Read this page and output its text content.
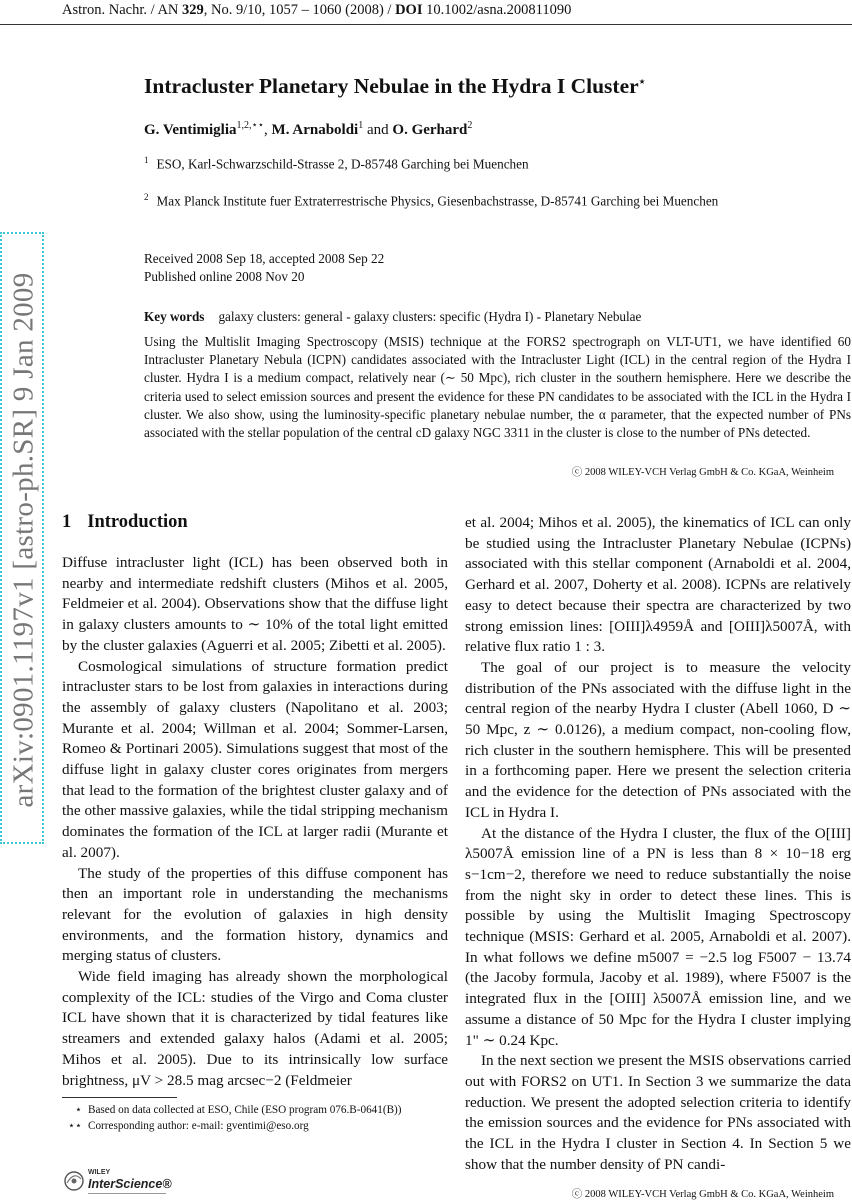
Astron. Nachr. / AN 329, No. 9/10, 1057 – 1060 (2008) / DOI 10.1002/asna.200811090
arXiv:0901.1197v1 [astro-ph.SR] 9 Jan 2009
Intracluster Planetary Nebulae in the Hydra I Cluster⋆
G. Ventimiglia$^{1,2,⋆⋆}$, M. Arnaboldi$^1$ and O. Gerhard$^2$
$^1$ ESO, Karl-Schwarzschild-Strasse 2, D-85748 Garching bei Muenchen
$^2$ Max Planck Institute fuer Extraterrestrische Physics, Giesenbachstrasse, D-85741 Garching bei Muenchen
Received 2008 Sep 18, accepted 2008 Sep 22
Published online 2008 Nov 20
Key words galaxy clusters: general - galaxy clusters: specific (Hydra I) - Planetary Nebulae
Using the Multislit Imaging Spectroscopy (MSIS) technique at the FORS2 spectrograph on VLT-UT1, we have identified 60 Intracluster Planetary Nebula (ICPN) candidates associated with the Intracluster Light (ICL) in the central region of the Hydra I cluster. Hydra I is a medium compact, relatively near (∼ 50 Mpc), rich cluster in the southern hemisphere. Here we describe the criteria used to select emission sources and present the evidence for these PN candidates to be associated with the ICL in the Hydra I cluster. We also show, using the luminosity-specific planetary nebulae number, the α parameter, that the expected number of PNs associated with the stellar population of the central cD galaxy NGC 3311 in the cluster is close to the number of PNs detected.
ⓒ 2008 WILEY-VCH Verlag GmbH & Co. KGaA, Weinheim
1 Introduction

Diffuse intracluster light (ICL) has been observed both in nearby and intermediate redshift clusters (Mihos et al. 2005, Feldmeier et al. 2004). Observations show that the diffuse light in galaxy clusters amounts to ∼ 10% of the total light emitted by the cluster galaxies (Aguerri et al. 2005; Zibetti et al. 2005).

Cosmological simulations of structure formation predict intracluster stars to be lost from galaxies in interactions during the assembly of galaxy clusters (Napolitano et al. 2003; Murante et al. 2004; Willman et al. 2004; Sommer-Larsen, Romeo & Portinari 2005). Simulations suggest that most of the diffuse light in galaxy cluster cores originates from mergers that lead to the formation of the brightest cluster galaxy and of the other massive galaxies, while the tidal stripping mechanism dominates the formation of the ICL at larger radii (Murante et al. 2007).

The study of the properties of this diffuse component has then an important role in understanding the mechanisms relevant for the evolution of galaxies in high density environments, and the formation history, dynamics and merging status of clusters.

Wide field imaging has already shown the morphological complexity of the ICL: studies of the Virgo and Coma cluster ICL have shown that it is characterized by tidal features like streamers and extended galaxy halos (Adami et al. 2005; Mihos et al. 2005). Due to its intrinsically low surface brightness, μV > 28.5 mag arcsec−2 (Feldmeier

et al. 2004; Mihos et al. 2005), the kinematics of ICL can only be studied using the Intracluster Planetary Nebulae (ICPNs) associated with this stellar component (Arnaboldi et al. 2004, Gerhard et al. 2007, Doherty et al. 2008). ICPNs are relatively easy to detect because their spectra are characterized by two strong emission lines: [OIII]λ4959Å and [OIII]λ5007Å, with relative flux ratio 1 : 3.

The goal of our project is to measure the velocity distribution of the PNs associated with the diffuse light in the central region of the nearby Hydra I cluster (Abell 1060, D ∼ 50 Mpc, z ∼ 0.0126), a medium compact, non-cooling flow, rich cluster in the southern hemisphere. This will be presented in a forthcoming paper. Here we present the selection criteria and the evidence for the detection of PNs associated with the ICL in Hydra I.

At the distance of the Hydra I cluster, the flux of the O[III] λ5007Å emission line of a PN is less than 8 × 10−18 erg s−1cm−2, therefore we need to reduce substantially the noise from the night sky in order to detect these lines. This is possible by using the Multislit Imaging Spectroscopy technique (MSIS: Gerhard et al. 2005, Arnaboldi et al. 2007). In what follows we define m5007 = −2.5 log F5007 − 13.74 (the Jacoby formula, Jacoby et al. 1989), where F5007 is the integrated flux in the [OIII] λ5007Å emission line, and we assume a distance of 50 Mpc for the Hydra I cluster implying 1" ∼ 0.24 Kpc.

In the next section we present the MSIS observations carried out with FORS2 on UT1. In Section 3 we summarize the data reduction. We present the adopted selection criteria to identify the emission sources and the evidence for PNs associated with the ICL in the Hydra I cluster in Section 4. In Section 5 we show that the number density of PN candi-

⋆ Based on data collected at ESO, Chile (ESO program 076.B-0641(B))
⋆⋆ Corresponding author: e-mail: gventimi@eso.org
WILEY
InterScience®
ⓒ 2008 WILEY-VCH Verlag GmbH & Co. KGaA, Weinheim
